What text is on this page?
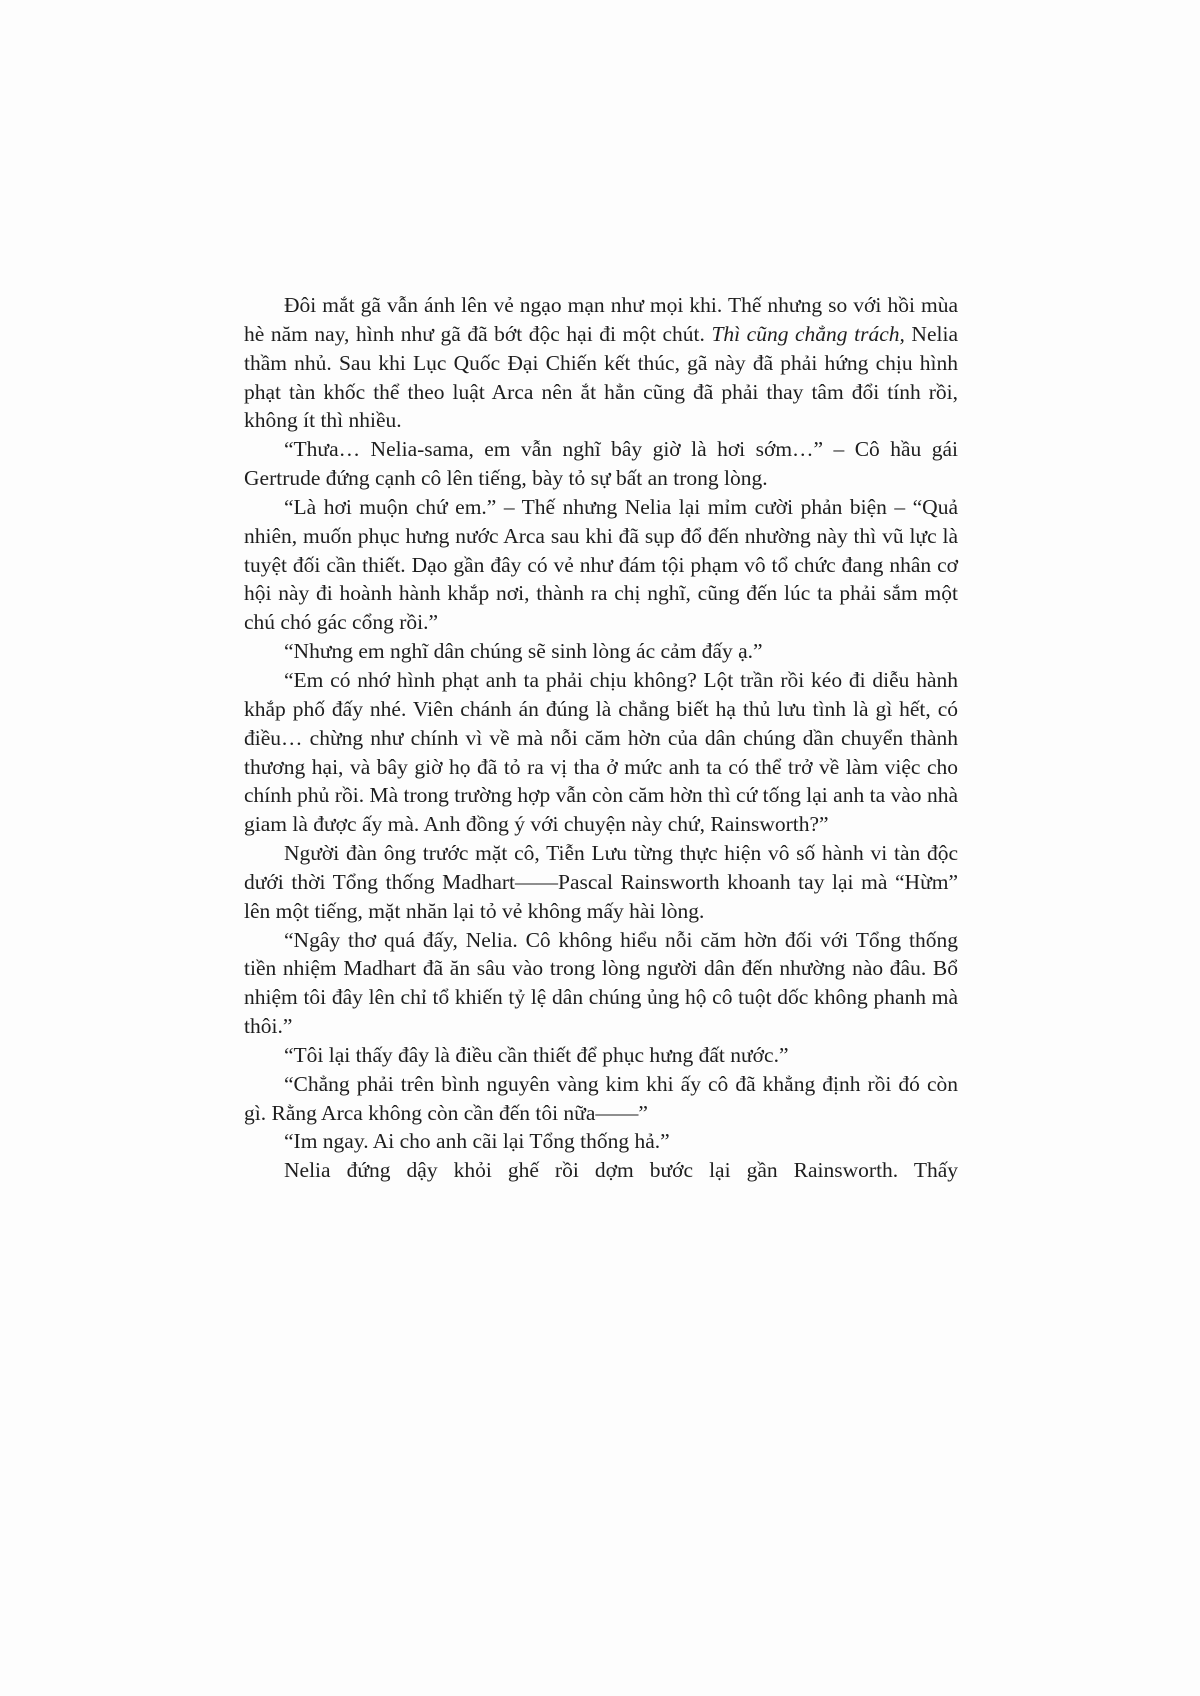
Đôi mắt gã vẫn ánh lên vẻ ngạo mạn như mọi khi. Thế nhưng so với hồi mùa hè năm nay, hình như gã đã bớt độc hại đi một chút. Thì cũng chẳng trách, Nelia thầm nhủ. Sau khi Lục Quốc Đại Chiến kết thúc, gã này đã phải hứng chịu hình phạt tàn khốc thể theo luật Arca nên ắt hẳn cũng đã phải thay tâm đổi tính rồi, không ít thì nhiều.

“Thưa… Nelia-sama, em vẫn nghĩ bây giờ là hơi sớm…” – Cô hầu gái Gertrude đứng cạnh cô lên tiếng, bày tỏ sự bất an trong lòng.

“Là hơi muộn chứ em.” – Thế nhưng Nelia lại mỉm cười phản biện – “Quả nhiên, muốn phục hưng nước Arca sau khi đã sụp đổ đến nhường này thì vũ lực là tuyệt đối cần thiết. Dạo gần đây có vẻ như đám tội phạm vô tổ chức đang nhân cơ hội này đi hoành hành khắp nơi, thành ra chị nghĩ, cũng đến lúc ta phải sắm một chú chó gác cổng rồi.”

“Nhưng em nghĩ dân chúng sẽ sinh lòng ác cảm đấy ạ.”

“Em có nhớ hình phạt anh ta phải chịu không? Lột trần rồi kéo đi diễu hành khắp phố đấy nhé. Viên chánh án đúng là chẳng biết hạ thủ lưu tình là gì hết, có điều… chừng như chính vì về mà nỗi căm hờn của dân chúng dần chuyển thành thương hại, và bây giờ họ đã tỏ ra vị tha ở mức anh ta có thể trở về làm việc cho chính phủ rồi. Mà trong trường hợp vẫn còn căm hờn thì cứ tống lại anh ta vào nhà giam là được ấy mà. Anh đồng ý với chuyện này chứ, Rainsworth?”

Người đàn ông trước mặt cô, Tiễn Lưu từng thực hiện vô số hành vi tàn độc dưới thời Tổng thống Madhart——Pascal Rainsworth khoanh tay lại mà “Hừm” lên một tiếng, mặt nhăn lại tỏ vẻ không mấy hài lòng.

“Ngây thơ quá đấy, Nelia. Cô không hiểu nỗi căm hờn đối với Tổng thống tiền nhiệm Madhart đã ăn sâu vào trong lòng người dân đến nhường nào đâu. Bổ nhiệm tôi đây lên chỉ tổ khiến tỷ lệ dân chúng ủng hộ cô tuột dốc không phanh mà thôi.”

“Tôi lại thấy đây là điều cần thiết để phục hưng đất nước.”

“Chẳng phải trên bình nguyên vàng kim khi ấy cô đã khẳng định rồi đó còn gì. Rằng Arca không còn cần đến tôi nữa——”

“Im ngay. Ai cho anh cãi lại Tổng thống hả.”

Nelia đứng dậy khỏi ghế rồi dợm bước lại gần Rainsworth. Thấy
